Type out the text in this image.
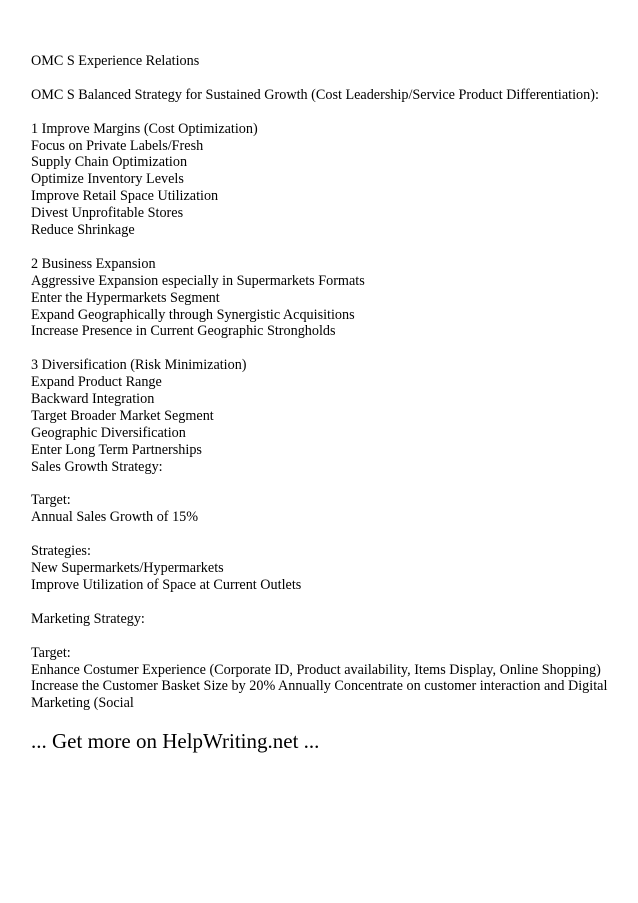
OMC S Experience Relations
OMC S Balanced Strategy for Sustained Growth (Cost Leadership/Service Product Differentiation):
1 Improve Margins (Cost Optimization)
Focus on Private Labels/Fresh
Supply Chain Optimization
Optimize Inventory Levels
Improve Retail Space Utilization
Divest Unprofitable Stores
Reduce Shrinkage
2 Business Expansion
Aggressive Expansion especially in Supermarkets Formats
Enter the Hypermarkets Segment
Expand Geographically through Synergistic Acquisitions
Increase Presence in Current Geographic Strongholds
3 Diversification (Risk Minimization)
Expand Product Range
Backward Integration
Target Broader Market Segment
Geographic Diversification
Enter Long Term Partnerships
Sales Growth Strategy:
Target:
Annual Sales Growth of 15%
Strategies:
New Supermarkets/Hypermarkets
Improve Utilization of Space at Current Outlets
Marketing Strategy:
Target:
Enhance Costumer Experience (Corporate ID, Product availability, Items Display, Online Shopping)
Increase the Customer Basket Size by 20% Annually Concentrate on customer interaction and Digital Marketing (Social
... Get more on HelpWriting.net ...
